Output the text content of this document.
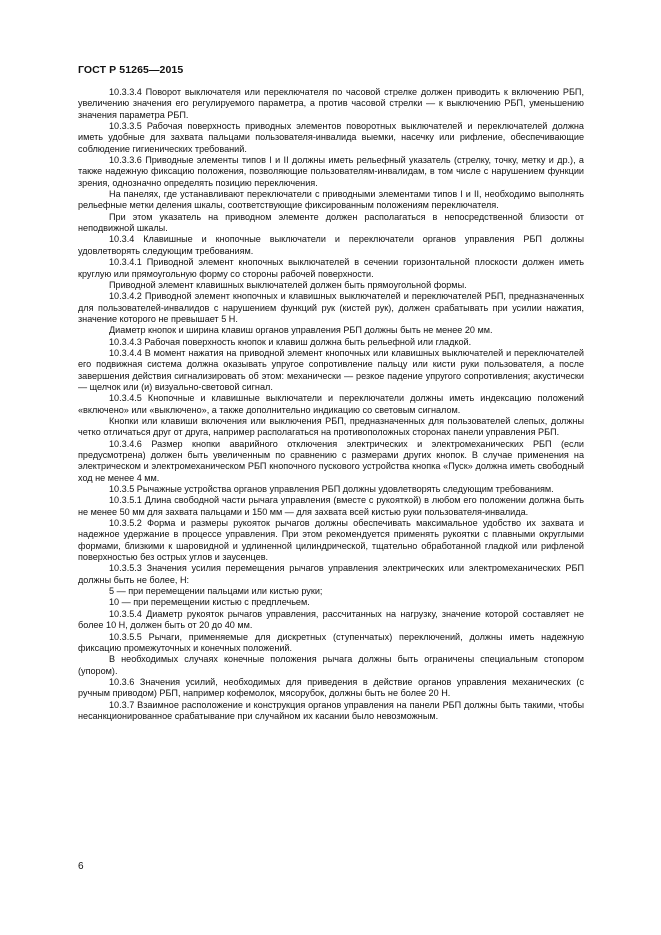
ГОСТ Р 51265—2015

10.3.3.4 Поворот выключателя или переключателя по часовой стрелке должен приводить к включению РБП, увеличению значения его регулируемого параметра, а против часовой стрелки — к выключению РБП, уменьшению значения параметра РБП.

10.3.3.5 Рабочая поверхность приводных элементов поворотных выключателей и переключателей должна иметь удобные для захвата пальцами пользователя-инвалида выемки, насечку или рифление, обеспечивающие соблюдение гигиенических требований.

10.3.3.6 Приводные элементы типов I и II должны иметь рельефный указатель (стрелку, точку, метку и др.), а также надежную фиксацию положения, позволяющие пользователям-инвалидам, в том числе с нарушением функции зрения, однозначно определять позицию переключения.

На панелях, где устанавливают переключатели с приводными элементами типов I и II, необходимо выполнять рельефные метки деления шкалы, соответствующие фиксированным положениям переключателя.

При этом указатель на приводном элементе должен располагаться в непосредственной близости от неподвижной шкалы.

10.3.4 Клавишные и кнопочные выключатели и переключатели органов управления РБП должны удовлетворять следующим требованиям.

10.3.4.1 Приводной элемент кнопочных выключателей в сечении горизонтальной плоскости должен иметь круглую или прямоугольную форму со стороны рабочей поверхности.

Приводной элемент клавишных выключателей должен быть прямоугольной формы.

10.3.4.2 Приводной элемент кнопочных и клавишных выключателей и переключателей РБП, предназначенных для пользователей-инвалидов с нарушением функций рук (кистей рук), должен срабатывать при усилии нажатия, значение которого не превышает 5 Н.

Диаметр кнопок и ширина клавиш органов управления РБП должны быть не менее 20 мм.

10.3.4.3 Рабочая поверхность кнопок и клавиш должна быть рельефной или гладкой.

10.3.4.4 В момент нажатия на приводной элемент кнопочных или клавишных выключателей и переключателей его подвижная система должна оказывать упругое сопротивление пальцу или кисти руки пользователя, а после завершения действия сигнализировать об этом: механически — резкое падение упругого сопротивления; акустически — щелчок или (и) визуально-световой сигнал.

10.3.4.5 Кнопочные и клавишные выключатели и переключатели должны иметь индексацию положений «включено» или «выключено», а также дополнительно индикацию со световым сигналом.

Кнопки или клавиши включения или выключения РБП, предназначенных для пользователей слепых, должны четко отличаться друг от друга, например располагаться на противоположных сторонах панели управления РБП.

10.3.4.6 Размер кнопки аварийного отключения электрических и электромеханических РБП (если предусмотрена) должен быть увеличенным по сравнению с размерами других кнопок. В случае применения на электрическом и электромеханическом РБП кнопочного пускового устройства кнопка «Пуск» должна иметь свободный ход не менее 4 мм.

10.3.5 Рычажные устройства органов управления РБП должны удовлетворять следующим требованиям.

10.3.5.1 Длина свободной части рычага управления (вместе с рукояткой) в любом его положении должна быть не менее 50 мм для захвата пальцами и 150 мм — для захвата всей кистью руки пользователя-инвалида.

10.3.5.2 Форма и размеры рукояток рычагов должны обеспечивать максимальное удобство их захвата и надежное удержание в процессе управления. При этом рекомендуется применять рукоятки с плавными округлыми формами, близкими к шаровидной и удлиненной цилиндрической, тщательно обработанной гладкой или рифленой поверхностью без острых углов и заусенцев.

10.3.5.3 Значения усилия перемещения рычагов управления электрических или электромеханических РБП должны быть не более, Н:

5 — при перемещении пальцами или кистью руки;

10 — при перемещении кистью с предплечьем.

10.3.5.4 Диаметр рукояток рычагов управления, рассчитанных на нагрузку, значение которой составляет не более 10 Н, должен быть от 20 до 40 мм.

10.3.5.5 Рычаги, применяемые для дискретных (ступенчатых) переключений, должны иметь надежную фиксацию промежуточных и конечных положений.

В необходимых случаях конечные положения рычага должны быть ограничены специальным стопором (упором).

10.3.6 Значения усилий, необходимых для приведения в действие органов управления механических (с ручным приводом) РБП, например кофемолок, мясорубок, должны быть не более 20 Н.

10.3.7 Взаимное расположение и конструкция органов управления на панели РБП должны быть такими, чтобы несанкционированное срабатывание при случайном их касании было невозможным.

6
